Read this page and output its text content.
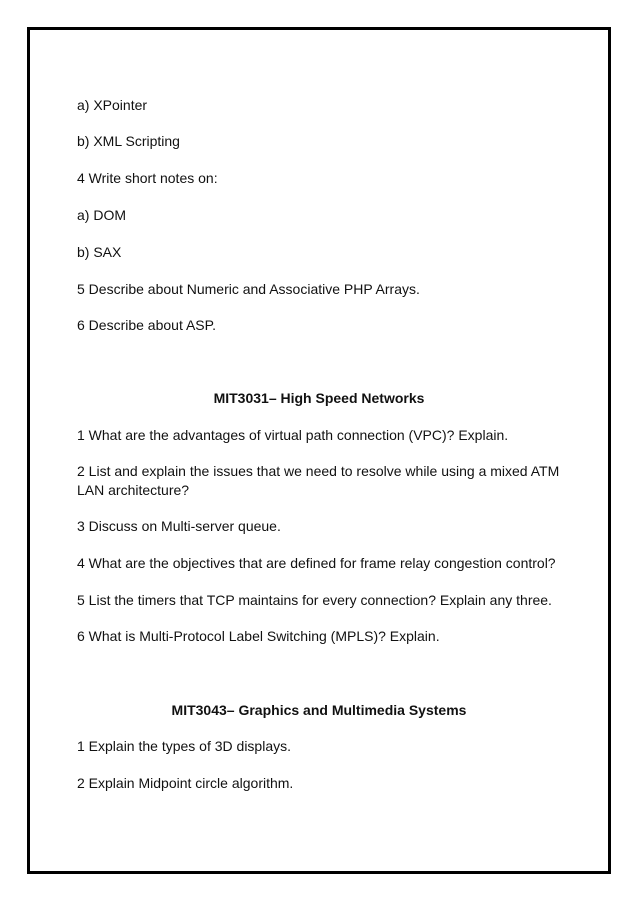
a) XPointer
b) XML Scripting
4 Write short notes on:
a) DOM
b) SAX
5 Describe about Numeric and Associative PHP Arrays.
6 Describe about ASP.
MIT3031– High Speed Networks
1 What are the advantages of virtual path connection (VPC)? Explain.
2 List and explain the issues that we need to resolve while using a mixed ATM LAN architecture?
3 Discuss on Multi-server queue.
4 What are the objectives that are defined for frame relay congestion control?
5 List the timers that TCP maintains for every connection? Explain any three.
6 What is Multi-Protocol Label Switching (MPLS)? Explain.
MIT3043– Graphics and Multimedia Systems
1 Explain the types of 3D displays.
2 Explain Midpoint circle algorithm.
